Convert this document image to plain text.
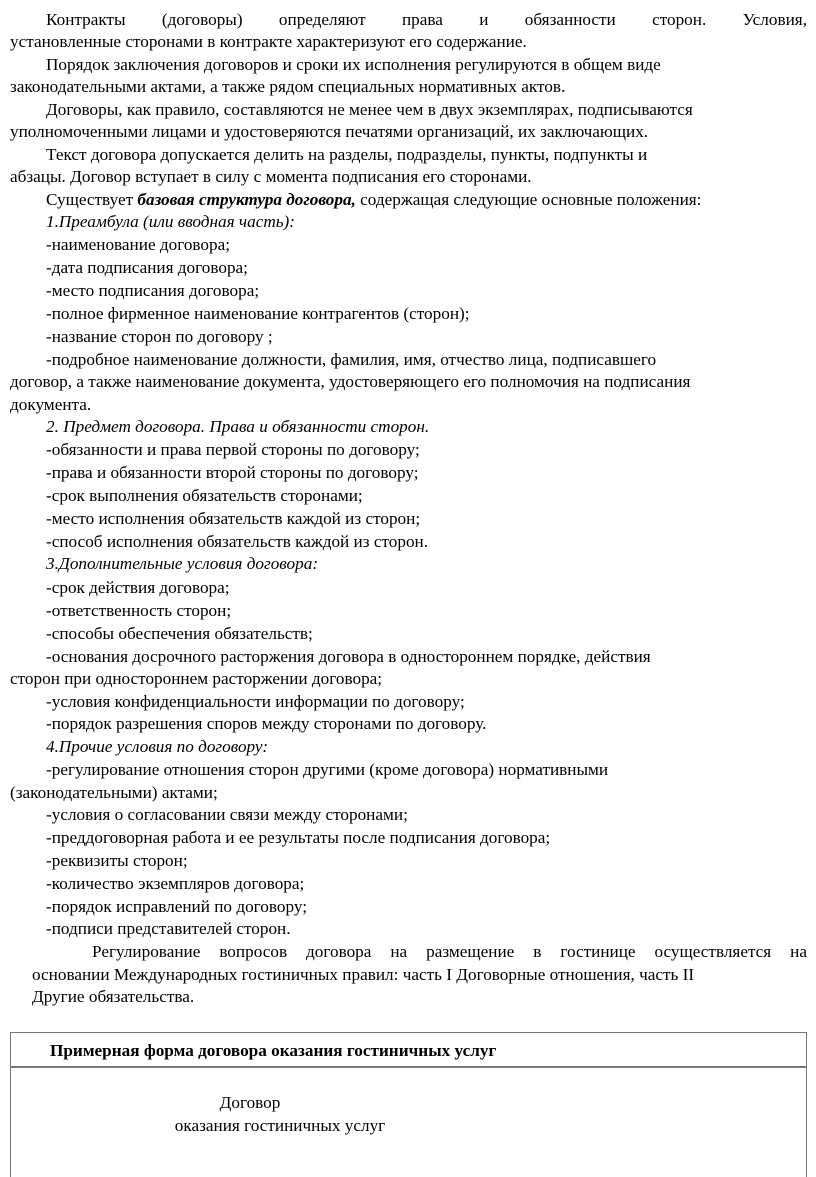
Контракты (договоры) определяют права и обязанности сторон. Условия,
установленные сторонами в контракте характеризуют его содержание.
Порядок заключения договоров и сроки их исполнения регулируются в общем виде
законодательными актами, а также рядом специальных нормативных актов.
Договоры, как правило, составляются не менее чем в двух экземплярах, подписываются
уполномоченными лицами и удостоверяются печатями организаций, их заключающих.
Текст договора допускается делить на разделы, подразделы, пункты, подпункты и
абзацы. Договор вступает в силу с момента подписания его сторонами.
Существует базовая структура договора, содержащая следующие основные положения:
1.Преамбула (или вводная часть):
-наименование договора;
-дата подписания договора;
-место подписания договора;
-полное фирменное наименование контрагентов (сторон);
-название сторон по договору ;
-подробное наименование должности, фамилия, имя, отчество лица, подписавшего
договор, а также наименование документа, удостоверяющего его полномочия на подписания
документа.
2. Предмет договора. Права и обязанности сторон.
-обязанности и права первой стороны по договору;
-права и обязанности второй стороны по договору;
-срок выполнения обязательств сторонами;
-место исполнения обязательств каждой из сторон;
-способ исполнения обязательств каждой из сторон.
3.Дополнительные условия договора:
-срок действия договора;
-ответственность сторон;
-способы обеспечения обязательств;
-основания досрочного расторжения договора в одностороннем порядке, действия
сторон при одностороннем расторжении договора;
-условия конфиденциальности информации по договору;
-порядок разрешения споров между сторонами по договору.
4.Прочие условия по договору:
-регулирование отношения сторон другими (кроме договора) нормативными
(законодательными) актами;
-условия о согласовании связи между сторонами;
-преддоговорная работа и ее результаты после подписания договора;
-реквизиты сторон;
-количество экземпляров договора;
-порядок исправлений по договору;
-подписи представителей сторон.
Регулирование вопросов договора на размещение в гостинице осуществляется на
основании Международных гостиничных правил: часть I Договорные отношения, часть II
Другие обязательства.
Примерная форма договора оказания гостиничных услуг
Договор
оказания гостиничных услуг
